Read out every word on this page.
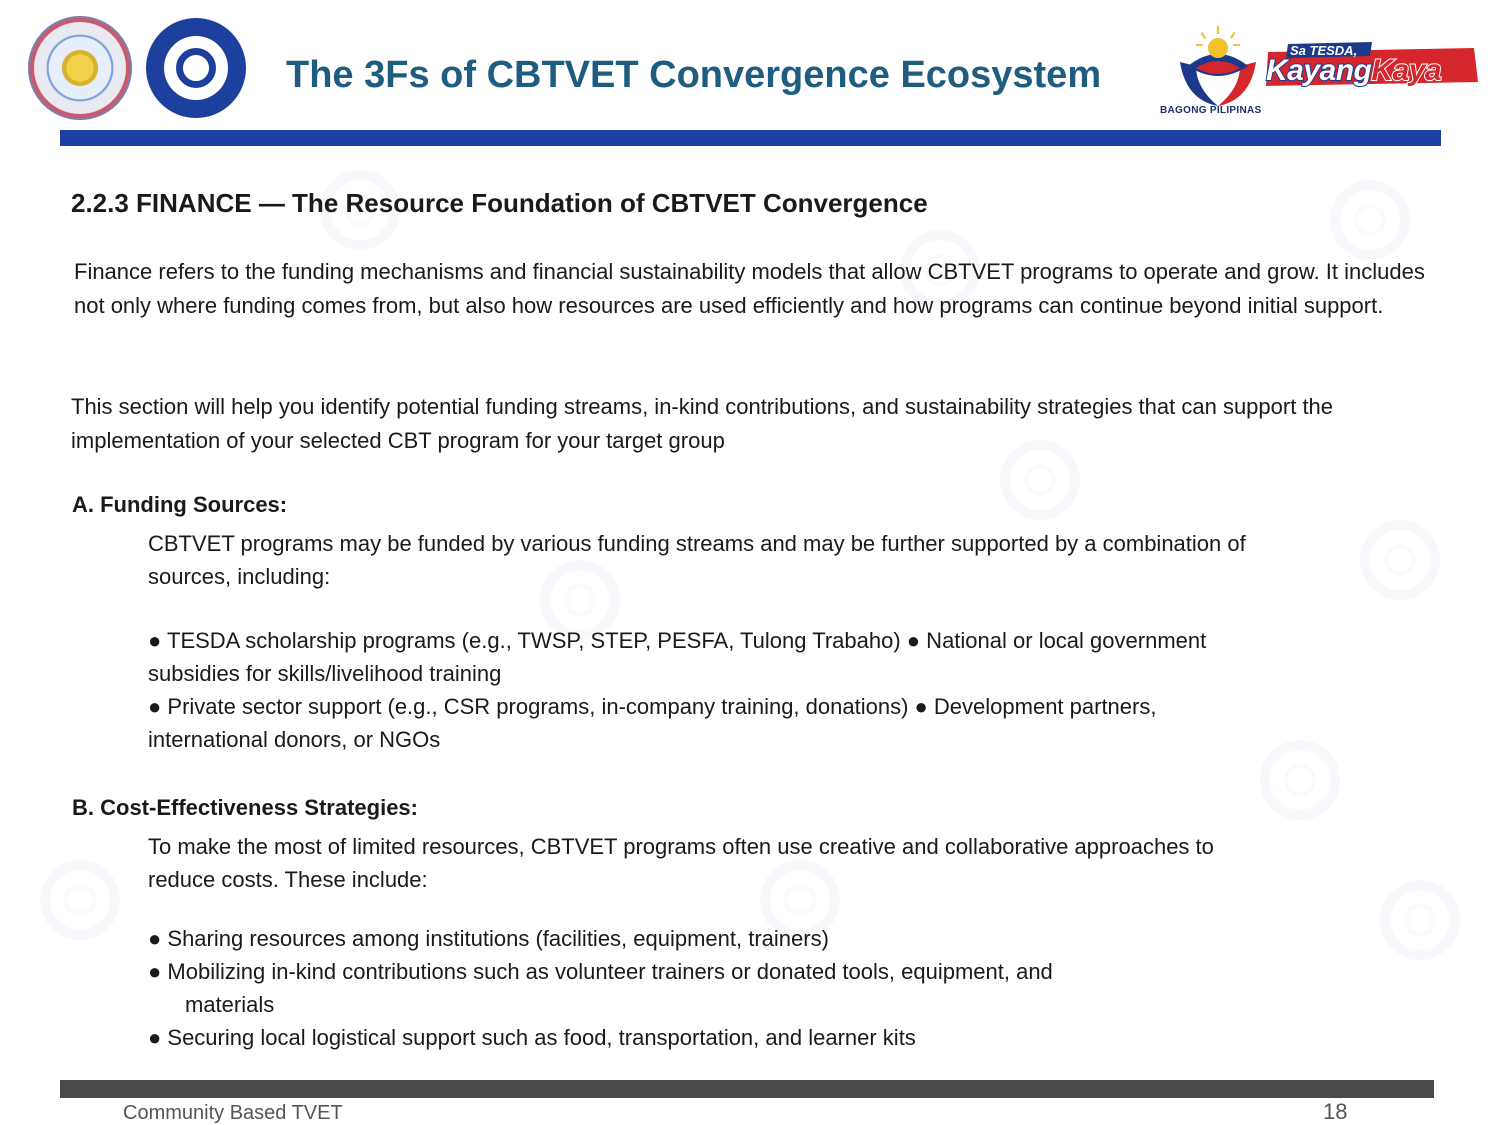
The 3Fs of CBTVET Convergence Ecosystem
BAGONG PILIPINAS
Sa TESDA,
KayangKaya
2.2.3 FINANCE — The Resource Foundation of CBTVET Convergence

Finance refers to the funding mechanisms and financial sustainability models that allow CBTVET programs to operate and grow. It includes not only where funding comes from, but also how resources are used efficiently and how programs can continue beyond initial support.

This section will help you identify potential funding streams, in-kind contributions, and sustainability strategies that can support the implementation of your selected CBT program for your target group

A. Funding Sources:

CBTVET programs may be funded by various funding streams and may be further supported by a combination of sources, including:

● TESDA scholarship programs (e.g., TWSP, STEP, PESFA, Tulong Trabaho) ● National or local government subsidies for skills/livelihood training
● Private sector support (e.g., CSR programs, in-company training, donations) ● Development partners, international donors, or NGOs
B. Cost-Effectiveness Strategies:

To make the most of limited resources, CBTVET programs often use creative and collaborative approaches to reduce costs. These include:

● Sharing resources among institutions (facilities, equipment, trainers)
● Mobilizing in-kind contributions such as volunteer trainers or donated tools, equipment, and
materials
● Securing local logistical support such as food, transportation, and learner kits
Community Based TVET	18
